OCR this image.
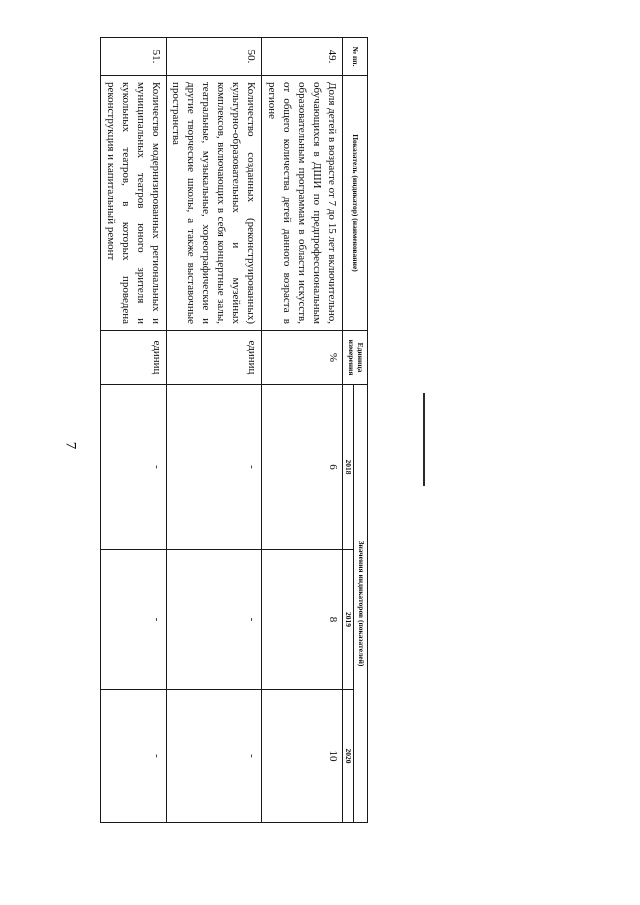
7
№ пп.	Показатель (индикатор) (наименование)	Единица измерения	Значения индикаторов (показателей)		
			2018	2019	2020
49.	Доля детей в возрасте от 7 до 15 лет включительно, обучающихся в ДШИ по предпрофессиональным образовательным программам в области искусств, от общего количества детей данного возраста в регионе	%	6	8	10
50.	Количество созданных (реконструированных) культурно-образовательных и музейных комплексов, включающих в себя концертные залы, театральные, музыкальные, хореографические и другие творческие школы, а также выставочные пространства	единиц	-	-	-
51.	Количество модернизированных региональных и муниципальных театров юного зрителя и кукольных театров, в которых проведена реконструкция и капитальный ремонт	единиц	-	-	-
